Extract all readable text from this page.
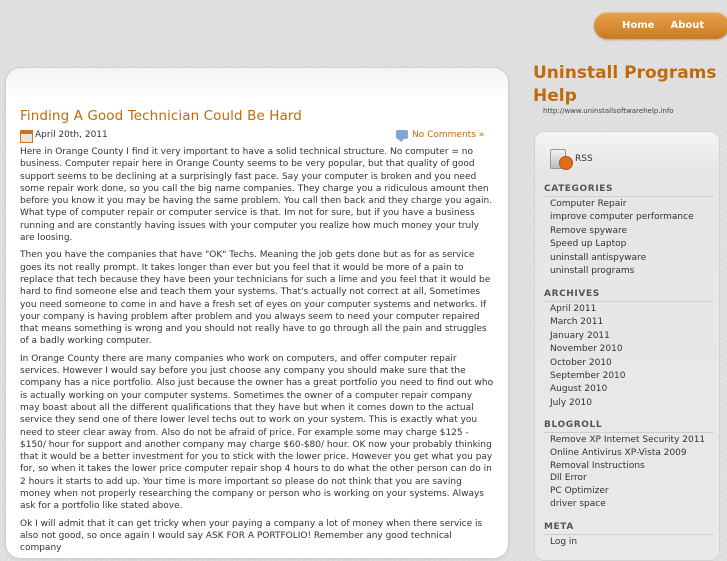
Home About
Finding A Good Technician Could Be Hard
April 20th, 2011	No Comments »

Here in Orange County I find it very important to have a solid technical structure. No computer = no business. Computer repair here in Orange County seems to be very popular, but that quality of good support seems to be declining at a surprisingly fast pace. Say your computer is broken and you need some repair work done, so you call the big name companies. They charge you a ridiculous amount then before you know it you may be having the same problem. You call then back and they charge you again. What type of computer repair or computer service is that. Im not for sure, but if you have a business running and are constantly having issues with your computer you realize how much money your truly are loosing.

Then you have the companies that have "OK" Techs. Meaning the job gets done but as for as service goes its not really prompt. It takes longer than ever but you feel that it would be more of a pain to replace that tech because they have been your technicians for such a lime and you feel that it would be hard to find someone else and teach them your systems. That's actually not correct at all, Sometimes you need someone to come in and have a fresh set of eyes on your computer systems and networks. If your company is having problem after problem and you always seem to need your computer repaired that means something is wrong and you should not really have to go through all the pain and struggles of a badly working computer.

In Orange County there are many companies who work on computers, and offer computer repair services. However I would say before you just choose any company you should make sure that the company has a nice portfolio. Also just because the owner has a great portfolio you need to find out who is actually working on your computer systems. Sometimes the owner of a computer repair company may boast about all the different qualifications that they have but when it comes down to the actual service they send one of there lower level techs out to work on your system. This is exactly what you need to steer clear away from. Also do not be afraid of price. For example some may charge $125 - $150/ hour for support and another company may charge $60-$80/ hour. OK now your probably thinking that it would be a better investment for you to stick with the lower price. However you get what you pay for, so when it takes the lower price computer repair shop 4 hours to do what the other person can do in 2 hours it starts to add up. Your time is more important so please do not think that you are saving money when not properly researching the company or person who is working on your systems. Always ask for a portfolio like stated above.

Ok I will admit that it can get tricky when your paying a company a lot of money when there service is also not good, so once again I would say ASK FOR A PORTFOLIO! Remember any good technical company

Uninstall Programs Help
http://www.uninstallsoftwarehelp.info
RSS
CATEGORIES
Computer Repair
improve computer performance
Remove spyware
Speed up Laptop
uninstall antispyware
uninstall programs
ARCHIVES
April 2011
March 2011
January 2011
November 2010
October 2010
September 2010
August 2010
July 2010
BLOGROLL
Remove XP Internet Security 2011
Online Antivirus XP-Vista 2009
Removal Instructions
Dll Error
PC Optimizer
driver space
META
Log in
